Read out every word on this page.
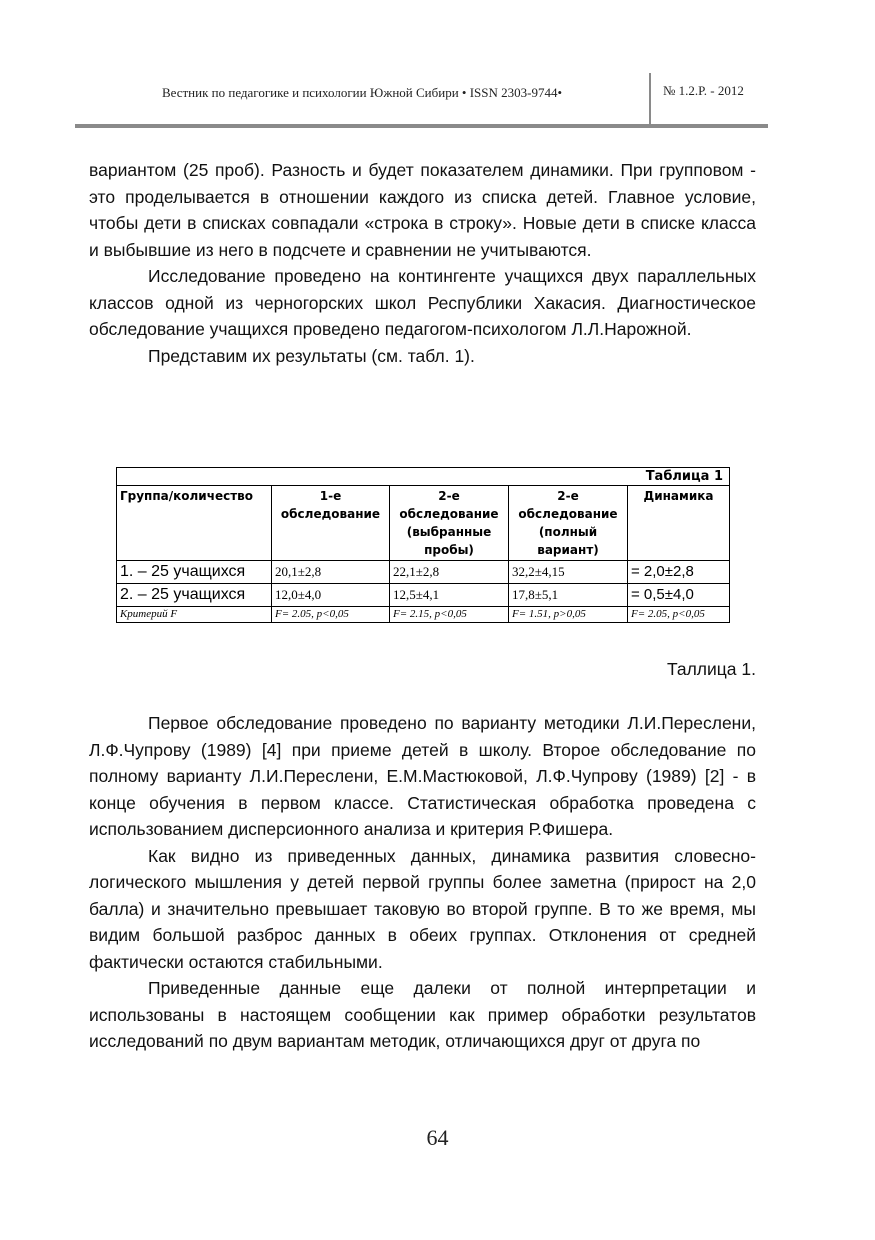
Вестник по педагогике и психологии Южной Сибири • ISSN 2303-9744•	№ 1.2.Р. - 2012

вариантом (25 проб). Разность и будет показателем динамики. При групповом - это проделывается в отношении каждого из списка детей. Главное условие, чтобы дети в списках совпадали «строка в строку». Новые дети в списке класса и выбывшие из него в подсчете и сравнении не учитываются.

Исследование проведено на контингенте учащихся двух параллельных классов одной из черногорских школ Республики Хакасия. Диагностическое обследование учащихся проведено педагогом-психологом Л.Л.Нарожной.

Представим их результаты (см. табл. 1).

Таблица 1				
Группа/количество	1-е обследование	2-е обследование (выбранные пробы)	2-е обследование (полный вариант)	Динамика
1. – 25 учащихся	20,1±2,8	22,1±2,8	32,2±4,15	= 2,0±2,8
2. – 25 учащихся	12,0±4,0	12,5±4,1	17,8±5,1	= 0,5±4,0
Критерий F	F= 2.05, p<0,05	F= 2.15, p<0,05	F= 1.51, p>0,05	F= 2.05, p<0,05
Таллица 1.

Первое обследование проведено по варианту методики Л.И.Переслени, Л.Ф.Чупрову (1989) [4] при приеме детей в школу. Второе обследование по полному варианту Л.И.Переслени, Е.М.Мастюковой, Л.Ф.Чупрову (1989) [2] - в конце обучения в первом классе. Статистическая обработка проведена с использованием дисперсионного анализа и критерия Р.Фишера.

Как видно из приведенных данных, динамика развития словесно-логического мышления у детей первой группы более заметна (прирост на 2,0 балла) и значительно превышает таковую во второй группе. В то же время, мы видим большой разброс данных в обеих группах. Отклонения от средней фактически остаются стабильными.

Приведенные данные еще далеки от полной интерпретации и использованы в настоящем сообщении как пример обработки результатов исследований по двум вариантам методик, отличающихся друг от друга по

64
